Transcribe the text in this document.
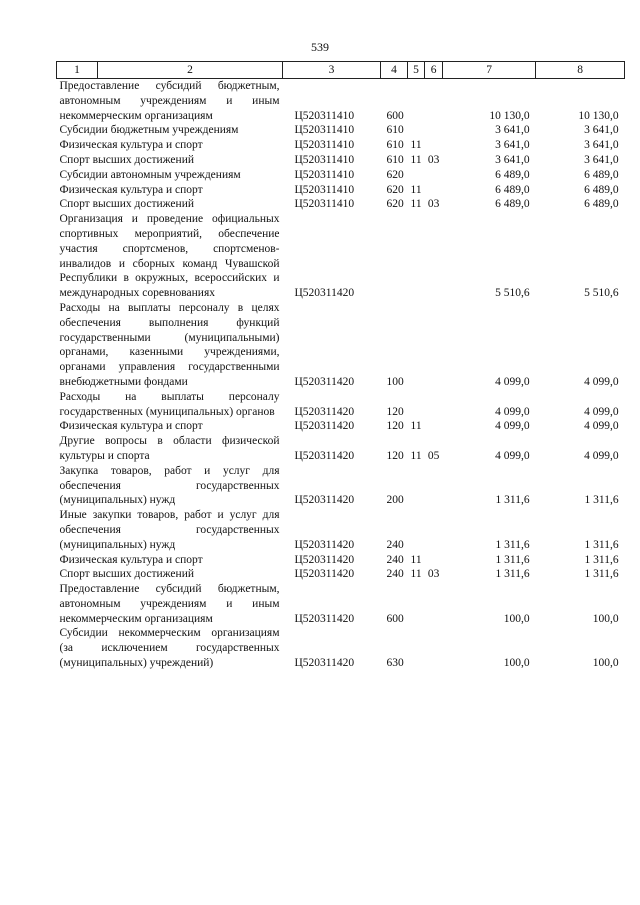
539
1	2	3	4	5	6	7	8
Предоставление субсидий бюджетным, автономным учреждениям и иным некоммерческим организациям		Ц520311410	600			10 130,0	10 130,0
Субсидии бюджетным учреждениям		Ц520311410	610			3 641,0	3 641,0
Физическая культура и спорт		Ц520311410	610	11		3 641,0	3 641,0
Спорт высших достижений		Ц520311410	610	11	03	3 641,0	3 641,0
Субсидии автономным учреждениям		Ц520311410	620			6 489,0	6 489,0
Физическая культура и спорт		Ц520311410	620	11		6 489,0	6 489,0
Спорт высших достижений		Ц520311410	620	11	03	6 489,0	6 489,0
Организация и проведение официальных спортивных мероприятий, обеспечение участия спортсменов, спортсменов-инвалидов и сборных команд Чувашской Республики в окружных, всероссийских и международных соревнованиях		Ц520311420				5 510,6	5 510,6
Расходы на выплаты персоналу в целях обеспечения выполнения функций государственными (муниципальными) органами, казенными учреждениями, органами управления государственными внебюджетными фондами		Ц520311420	100			4 099,0	4 099,0
Расходы на выплаты персоналу государственных (муниципальных) органов		Ц520311420	120			4 099,0	4 099,0
Физическая культура и спорт		Ц520311420	120	11		4 099,0	4 099,0
Другие вопросы в области физической культуры и спорта		Ц520311420	120	11	05	4 099,0	4 099,0
Закупка товаров, работ и услуг для обеспечения государственных (муниципальных) нужд		Ц520311420	200			1 311,6	1 311,6
Иные закупки товаров, работ и услуг для обеспечения государственных (муниципальных) нужд		Ц520311420	240			1 311,6	1 311,6
Физическая культура и спорт		Ц520311420	240	11		1 311,6	1 311,6
Спорт высших достижений		Ц520311420	240	11	03	1 311,6	1 311,6
Предоставление субсидий бюджетным, автономным учреждениям и иным некоммерческим организациям		Ц520311420	600			100,0	100,0
Субсидии некоммерческим организациям (за исключением государственных (муниципальных) учреждений)		Ц520311420	630			100,0	100,0
